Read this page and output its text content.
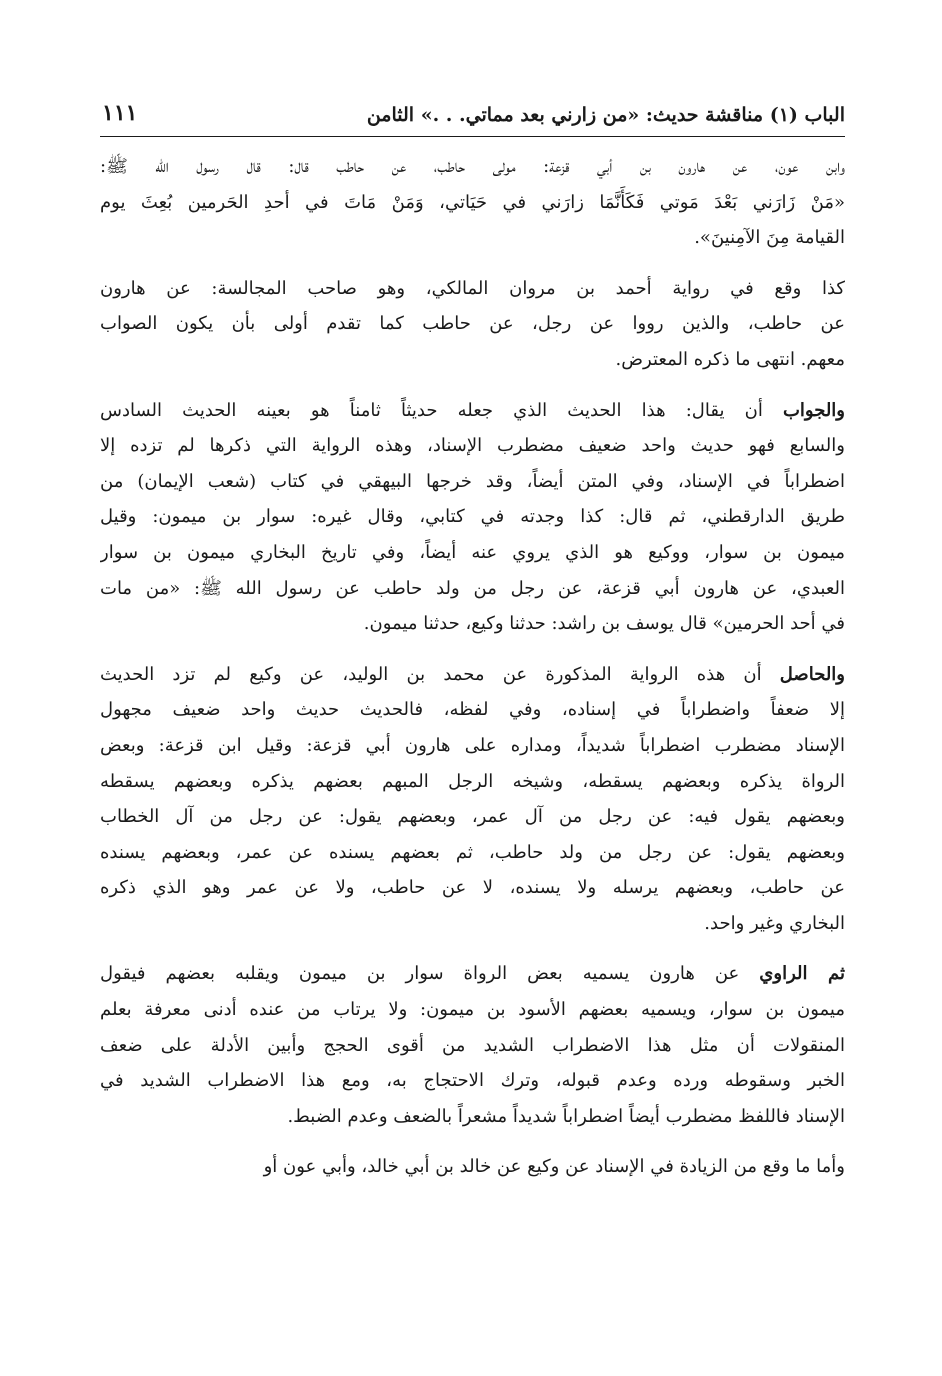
الباب (١) مناقشة حديث: «من زارني بعد مماتي. . .» الثامن
١١١
وابن عون، عن هارون بن أبي قزعة: مولى حاطب، عن حاطب قال: قال رسول الله ﷺ:
«مَنْ زَارَني بَعْدَ مَوتي فَكَأَنَّمَا زارَني في حَيَاتي، وَمَنْ مَاتَ في أحدِ الحَرمين بُعِثَ يوم
القيامة مِنَ الآمِنينَ».
كذا وقع في رواية أحمد بن مروان المالكي، وهو صاحب المجالسة: عن هارون
عن حاطب، والذين رووا عن رجل، عن حاطب كما تقدم أولى بأن يكون الصواب
معهم. انتهى ما ذكره المعترض.
والجواب أن يقال: هذا الحديث الذي جعله حديثاً ثامناً هو بعينه الحديث السادس
والسابع فهو حديث واحد ضعيف مضطرب الإسناد، وهذه الرواية التي ذكرها لم تزده إلا
اضطراباً في الإسناد، وفي المتن أيضاً، وقد خرجها البيهقي في كتاب (شعب الإيمان) من
طريق الدارقطني، ثم قال: كذا وجدته في كتابي، وقال غيره: سوار بن ميمون: وقيل
ميمون بن سوار، ووكيع هو الذي يروي عنه أيضاً، وفي تاريخ البخاري ميمون بن سوار
العبدي، عن هارون أبي قزعة، عن رجل من ولد حاطب عن رسول الله ﷺ: «من مات
في أحد الحرمين» قال يوسف بن راشد: حدثنا وكيع، حدثنا ميمون.
والحاصل أن هذه الرواية المذكورة عن محمد بن الوليد، عن وكيع لم تزد الحديث
إلا ضعفاً واضطراباً في إسناده، وفي لفظه، فالحديث حديث واحد ضعيف مجهول
الإسناد مضطرب اضطراباً شديداً، ومداره على هارون أبي قزعة: وقيل ابن قزعة: وبعض
الرواة يذكره وبعضهم يسقطه، وشيخه الرجل المبهم بعضهم يذكره وبعضهم يسقطه
وبعضهم يقول فيه: عن رجل من آل عمر، وبعضهم يقول: عن رجل من آل الخطاب
وبعضهم يقول: عن رجل من ولد حاطب، ثم بعضهم يسنده عن عمر، وبعضهم يسنده
عن حاطب، وبعضهم يرسله ولا يسنده، لا عن حاطب، ولا عن عمر وهو الذي ذكره
البخاري وغير واحد.
ثم الراوي عن هارون يسميه بعض الرواة سوار بن ميمون ويقلبه بعضهم فيقول
ميمون بن سوار، ويسميه بعضهم الأسود بن ميمون: ولا يرتاب من عنده أدنى معرفة بعلم
المنقولات أن مثل هذا الاضطراب الشديد من أقوى الحجج وأبين الأدلة على ضعف
الخبر وسقوطه ورده وعدم قبوله، وترك الاحتجاج به، ومع هذا الاضطراب الشديد في
الإسناد فاللفظ مضطرب أيضاً اضطراباً شديداً مشعراً بالضعف وعدم الضبط.
وأما ما وقع من الزيادة في الإسناد عن وكيع عن خالد بن أبي خالد، وأبي عون أو
